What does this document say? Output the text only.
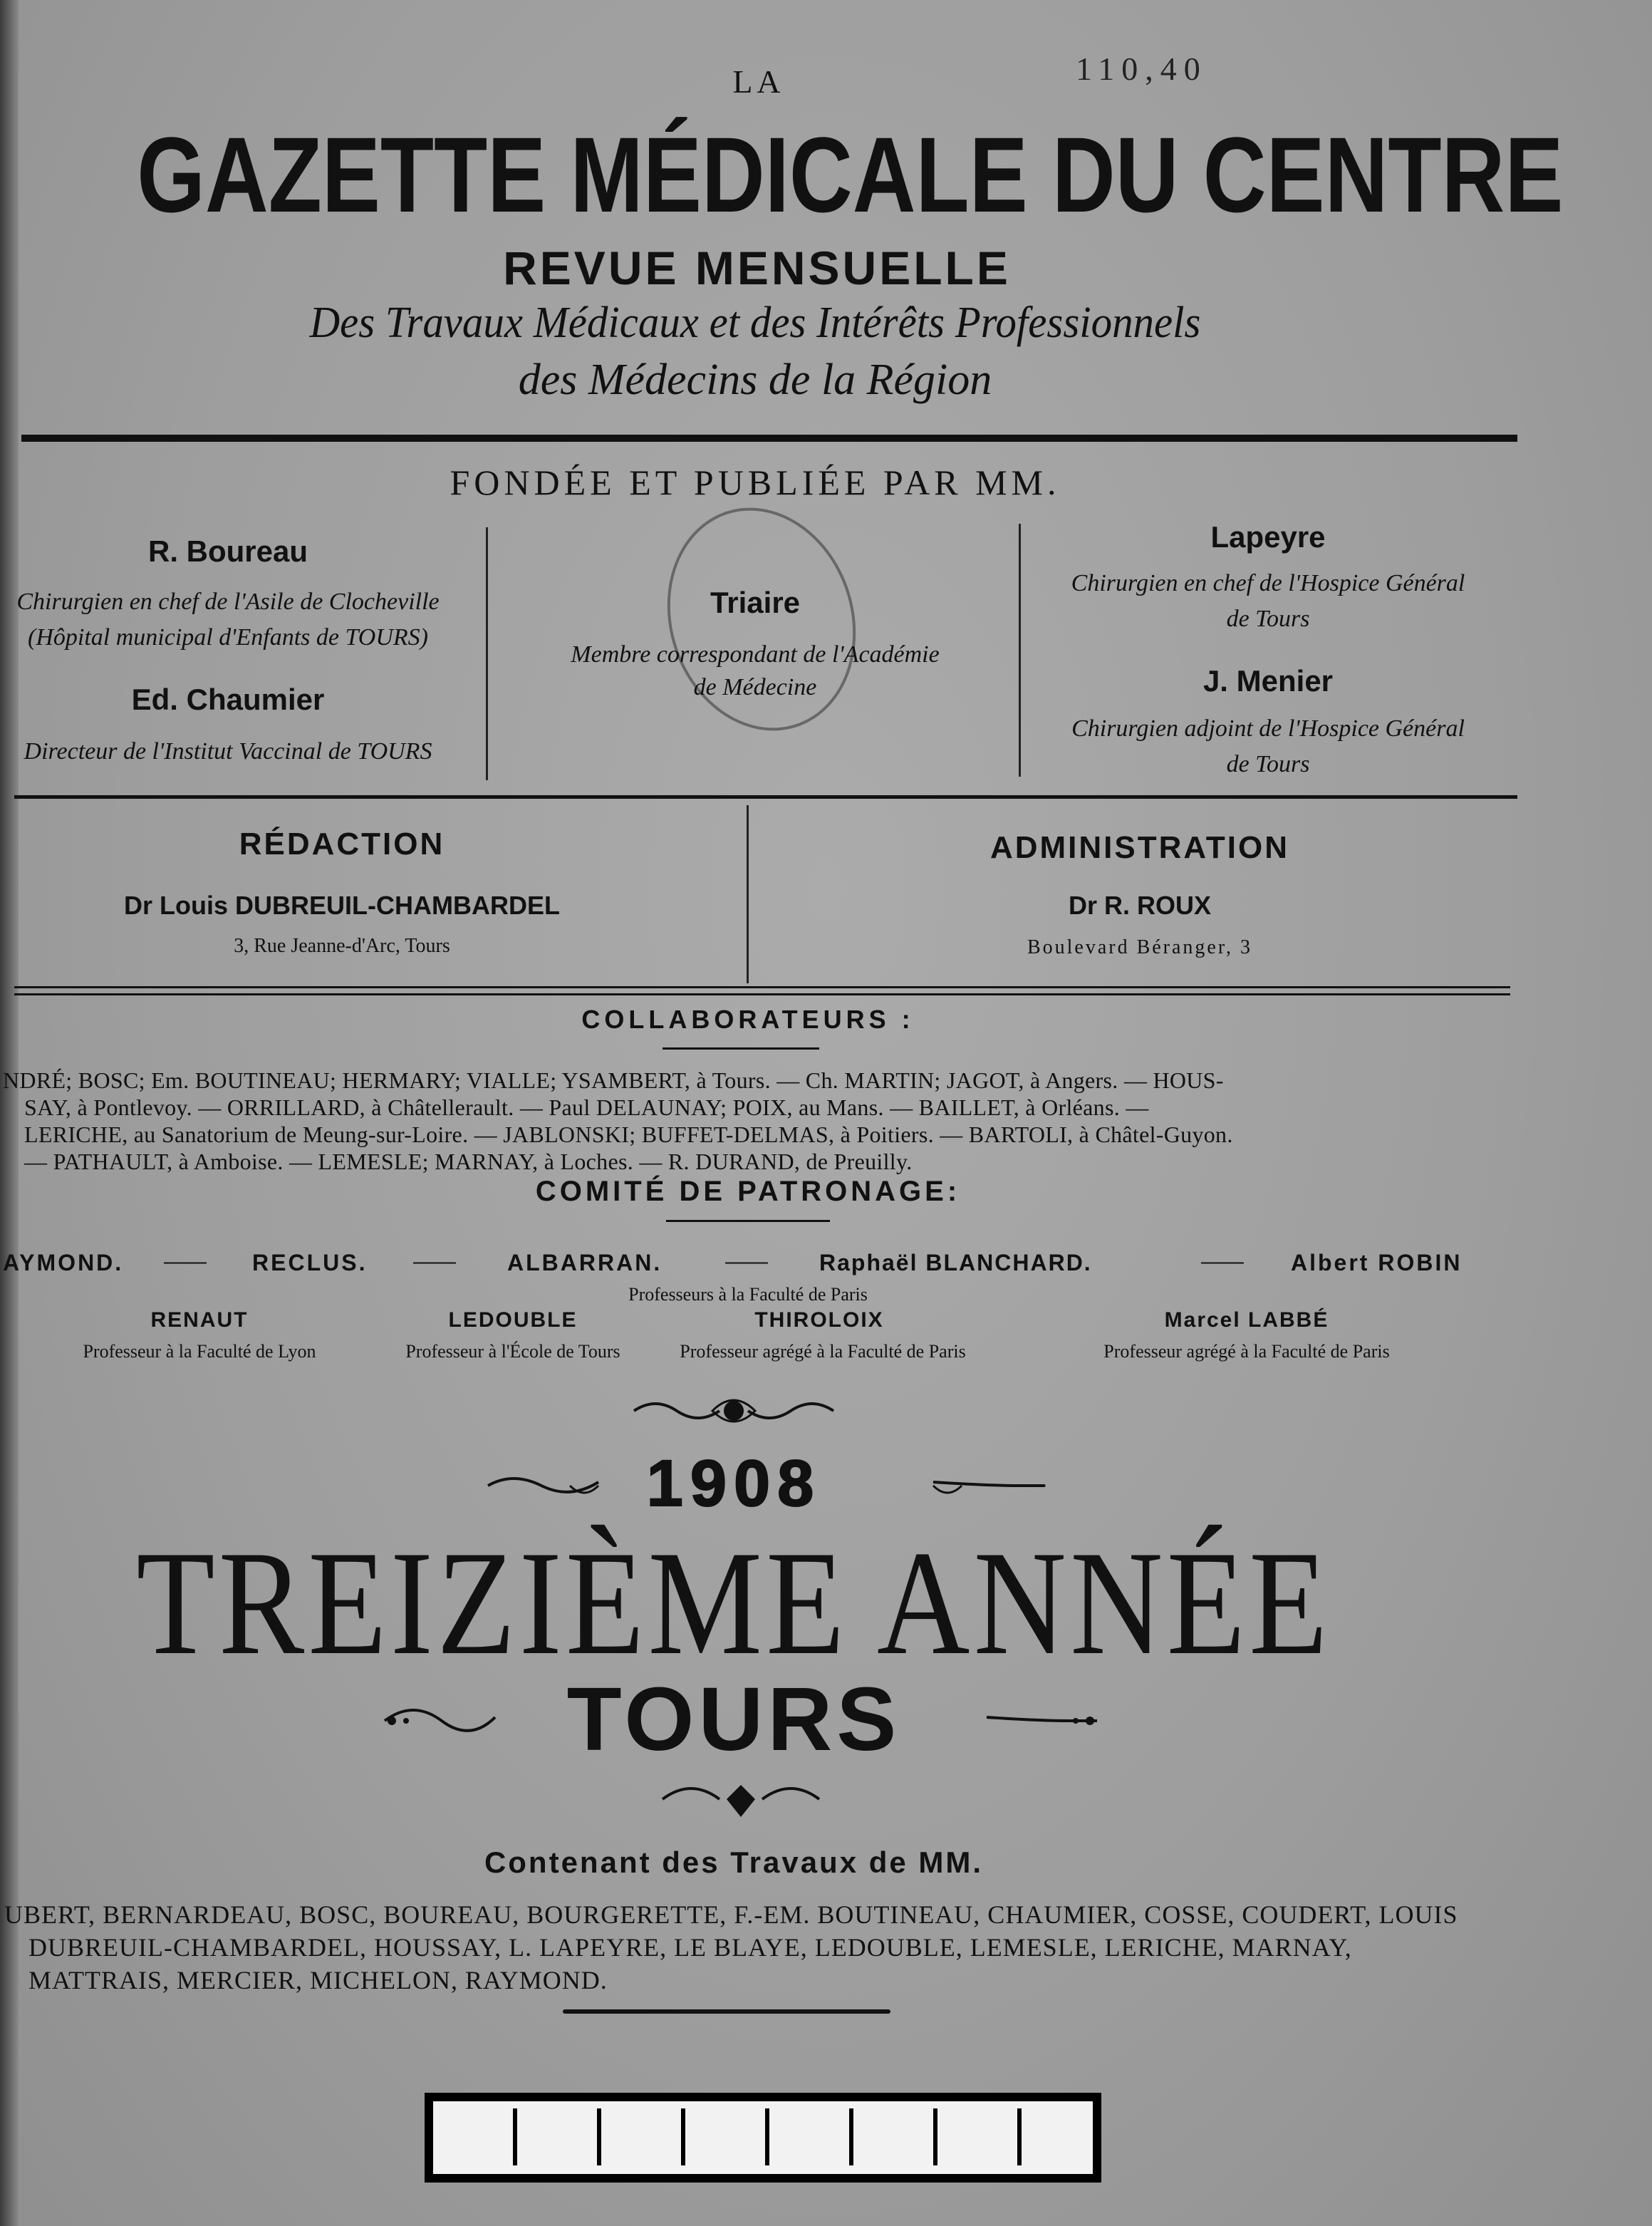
110,40
LA
GAZETTE MÉDICALE DU CENTRE
REVUE MENSUELLE
Des Travaux Médicaux et des Intérêts Professionnels
des Médecins de la Région
FONDÉE ET PUBLIÉE PAR MM.
R. Boureau
Chirurgien en chef de l'Asile de Clocheville
(Hôpital municipal d'Enfants de TOURS)
Ed. Chaumier
Directeur de l'Institut Vaccinal de TOURS
Triaire
Membre correspondant de l'Académie
de Médecine
Lapeyre
Chirurgien en chef de l'Hospice Général
de Tours
J. Menier
Chirurgien adjoint de l'Hospice Général
de Tours
RÉDACTION
Dr Louis DUBREUIL-CHAMBARDEL
3, Rue Jeanne-d'Arc, Tours
ADMINISTRATION
Dr R. ROUX
Boulevard Béranger, 3
COLLABORATEURS :
NDRÉ; BOSC; Em. BOUTINEAU; HERMARY; VIALLE; YSAMBERT, à Tours. — Ch. MARTIN; JAGOT, à Angers. — HOUS-
SAY, à Pontlevoy. — ORRILLARD, à Châtellerault. — Paul DELAUNAY; POIX, au Mans. — BAILLET, à Orléans. —
LERICHE, au Sanatorium de Meung-sur-Loire. — JABLONSKI; BUFFET-DELMAS, à Poitiers. — BARTOLI, à Châtel-Guyon.
— PATHAULT, à Amboise. — LEMESLE; MARNAY, à Loches. — R. DURAND, de Preuilly.
COMITÉ DE PATRONAGE:
AYMOND. —— RECLUS. —— ALBARRAN.	—— Raphaël BLANCHARD.	—— Albert ROBIN
Professeurs à la Faculté de Paris
RENAUT
Professeur à la Faculté de Lyon
LEDOUBLE
Professeur à l'École de Tours
THIROLOIX
Professeur agrégé à la Faculté de Paris
Marcel LABBÉ
Professeur agrégé à la Faculté de Paris
1908
TREIZIÈME ANNÉE
TOURS
Contenant des Travaux de MM.
UBERT, BERNARDEAU, BOSC, BOUREAU, BOURGERETTE, F.-EM. BOUTINEAU, CHAUMIER, COSSE, COUDERT, LOUIS
DUBREUIL-CHAMBARDEL, HOUSSAY, L. LAPEYRE, LE BLAYE, LEDOUBLE, LEMESLE, LERICHE, MARNAY,
MATTRAIS, MERCIER, MICHELON, RAYMOND.
